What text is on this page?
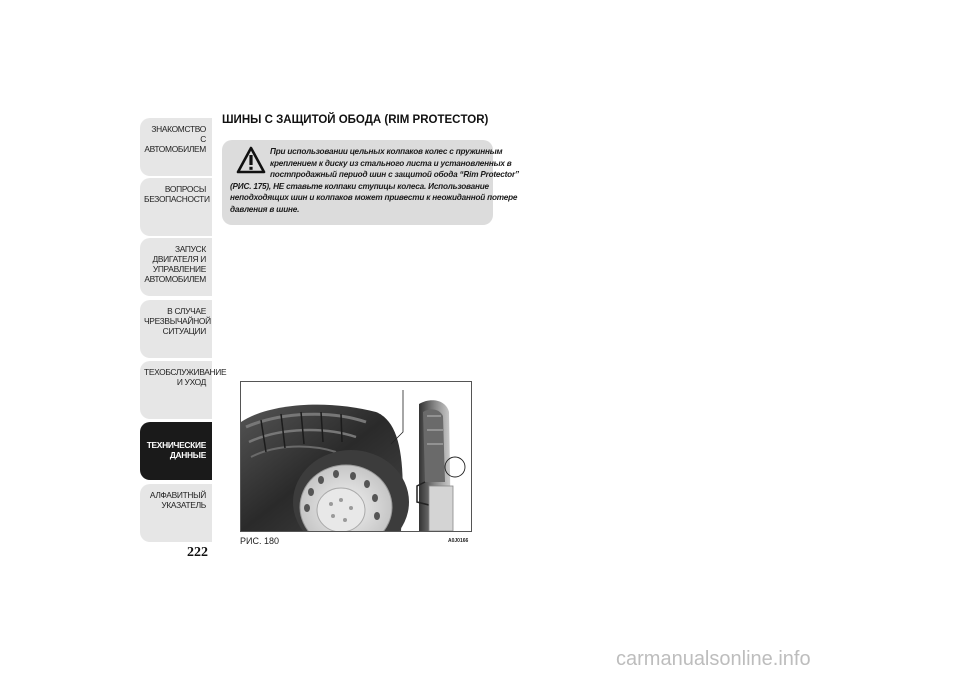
ЗНАКОМСТВО С
АВТОМОБИЛЕМ
ВОПРОСЫ
БЕЗОПАСНОСТИ
ЗАПУСК ДВИГАТЕЛЯ И
УПРАВЛЕНИЕ
АВТОМОБИЛЕМ
В СЛУЧАЕ
ЧРЕЗВЫЧАЙНОЙ
СИТУАЦИИ
ТЕХОБСЛУЖИВАНИЕ
И УХОД
ТЕХНИЧЕСКИЕ
ДАННЫЕ
АЛФАВИТНЫЙ
УКАЗАТЕЛЬ
222
ШИНЫ С ЗАЩИТОЙ ОБОДА (RIM PROTECTOR)
При использовании цельных колпаков колес с пружинным
креплением к диску из стального листа и установленных в
постпродажный период шин с защитой обода “Rim Protector”
(РИС. 175), НЕ ставьте колпаки ступицы колеса. Использование
неподходящих шин и колпаков может привести к неожиданной потере
давления в шине.
РИС. 180	A0J0166
carmanualsonline.info
